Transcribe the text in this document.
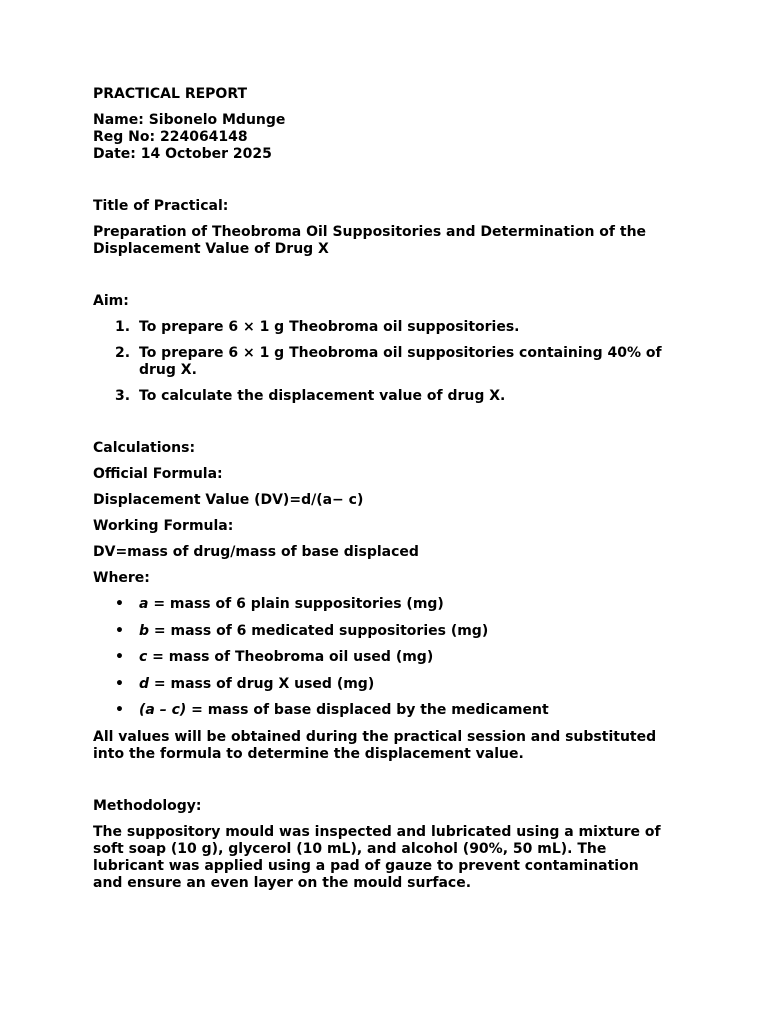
PRACTICAL REPORT

Name: Sibonelo Mdunge

Reg No: 224064148

Date: 14 October 2025

Title of Practical:

Preparation of Theobroma Oil Suppositories and Determination of the

Displacement Value of Drug X

Aim:

1. To prepare 6 × 1 g Theobroma oil suppositories.
2. To prepare 6 × 1 g Theobroma oil suppositories containing 40% of
drug X.
3. To calculate the displacement value of drug X.

Calculations:

Official Formula:

Displacement Value (DV)=d/(a− c)

Working Formula:

DV=mass of drug/mass of base displaced

Where:

• a = mass of 6 plain suppositories (mg)
• b = mass of 6 medicated suppositories (mg)
• c = mass of Theobroma oil used (mg)
• d = mass of drug X used (mg)
• (a – c) = mass of base displaced by the medicament

All values will be obtained during the practical session and substituted
into the formula to determine the displacement value.

Methodology:

The suppository mould was inspected and lubricated using a mixture of
soft soap (10 g), glycerol (10 mL), and alcohol (90%, 50 mL). The
lubricant was applied using a pad of gauze to prevent contamination
and ensure an even layer on the mould surface.
